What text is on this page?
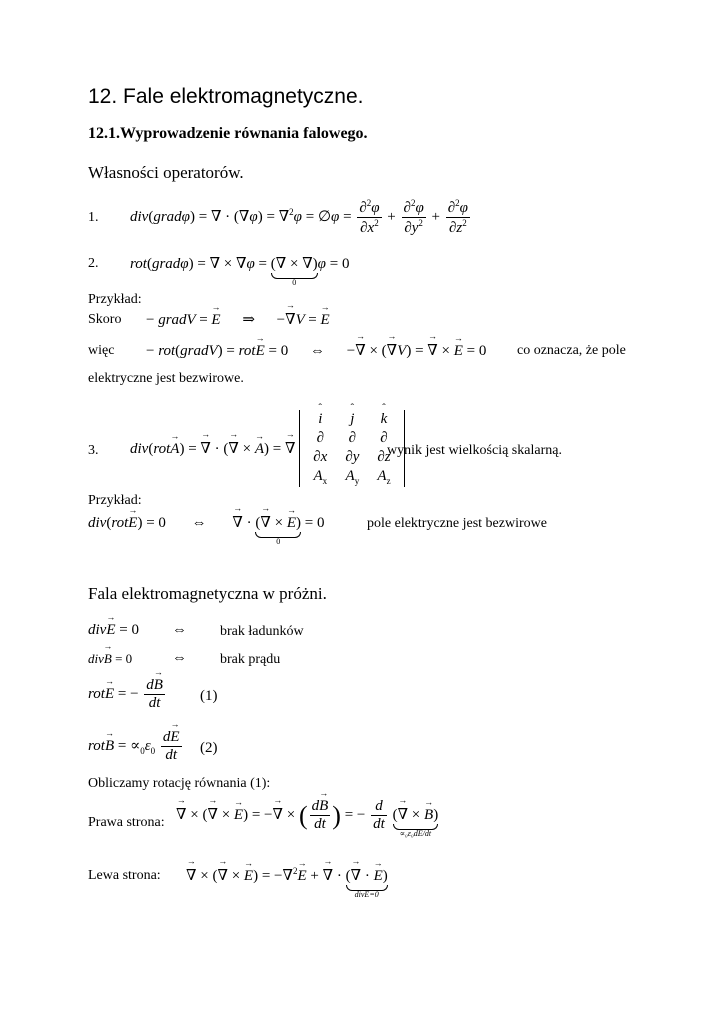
12. Fale elektromagnetyczne.
12.1.Wyprowadzenie równania falowego.
Własności operatorów.
1. div(gradφ) = ∇ · (∇φ) = ∇$^2$φ = ∅φ = $\frac{\partial^2\varphi}{\partial x^2} + \frac{\partial^2\varphi}{\partial y^2} + \frac{\partial^2\varphi}{\partial z^2}$
2. rot(gradφ) = ∇ × ∇φ = (∇ × ∇)
0
φ = 0
Przykład:
Skoro − gradV = → E ⇒ −→ ∇V = → E
więc − rot(gradV) = rot→ E = 0 ⇔ −→ ∇ × (→ ∇V) = → ∇ × → E = 0 co oznacza, że pole
elektryczne jest bezwirowe.
3. div(rot→ A) = → ∇ · (→ ∇ × → A) = → ∇
ˆ i	ˆ j	ˆ k
∂	∂	∂
∂x	∂y	∂z
$A_x$	$A_y$	$A_z$
wynik jest wielkością skalarną.
Przykład:
div(rot→ E) = 0 ⇔ → ∇ · (→ ∇ × → E)
0
= 0	pole elektryczne jest bezwirowe
Fala elektromagnetyczna w próżni.
div→ E = 0 ⇔ brak ładunków
div→ B = 0	⇔ brak prądu
rot→ E = − $\frac{d\to B}{dt} (1)$
$rot\to B = \propto_0\varepsilon_0 \frac{d\to E}{dt} (2)$
Obliczamy rotację równania (1):
Prawa strona: → ∇ × (→ ∇ × → E) = −→ ∇ × ( $\frac{d\to B}{dt}$ ) = − $\frac{d}{dt}$ (→ ∇ × → B)
∝₀ε₀dE/dt
Lewa strona: → ∇ × (→ ∇ × → E) = −∇$^2$→ E + → ∇ · (→ ∇ · → E)
divE=0
